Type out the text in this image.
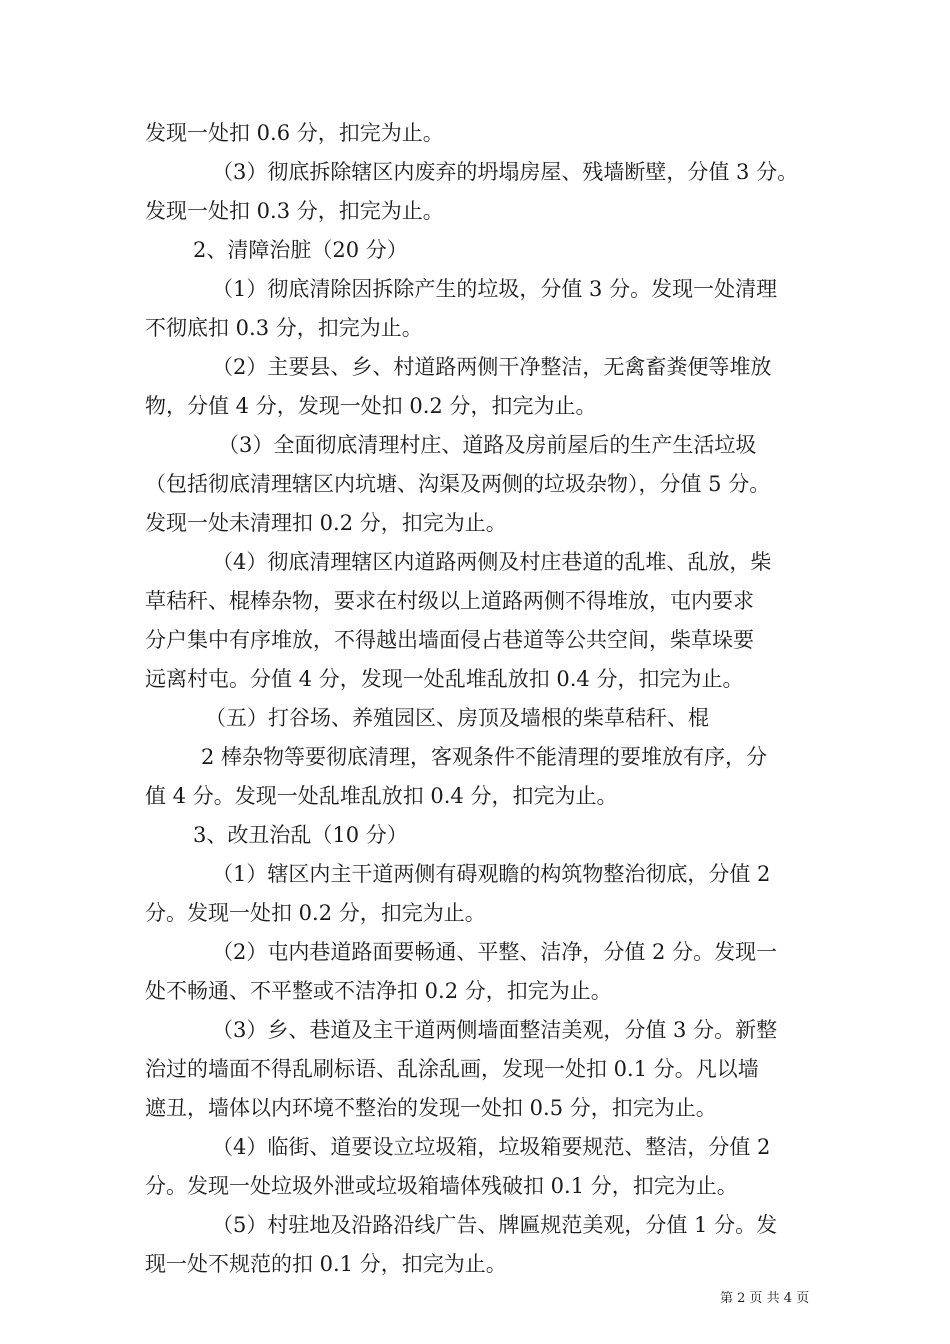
发现一处扣 0.6 分，扣完为止。
（3）彻底拆除辖区内废弃的坍塌房屋、残墙断壁，分值 3 分。
发现一处扣 0.3 分，扣完为止。
2、清障治脏（20 分）
（1）彻底清除因拆除产生的垃圾，分值 3 分。发现一处清理
不彻底扣 0.3 分，扣完为止。
（2）主要县、乡、村道路两侧干净整洁，无禽畜粪便等堆放
物，分值 4 分，发现一处扣 0.2 分，扣完为止。
（3）全面彻底清理村庄、道路及房前屋后的生产生活垃圾
（包括彻底清理辖区内坑塘、沟渠及两侧的垃圾杂物），分值 5 分。
发现一处未清理扣 0.2 分，扣完为止。
（4）彻底清理辖区内道路两侧及村庄巷道的乱堆、乱放，柴
草秸秆、棍棒杂物，要求在村级以上道路两侧不得堆放，屯内要求
分户集中有序堆放，不得越出墙面侵占巷道等公共空间，柴草垛要
远离村屯。分值 4 分，发现一处乱堆乱放扣 0.4 分，扣完为止。
（五）打谷场、养殖园区、房顶及墙根的柴草秸秆、棍
2 棒杂物等要彻底清理，客观条件不能清理的要堆放有序，分
值 4 分。发现一处乱堆乱放扣 0.4 分，扣完为止。
3、改丑治乱（10 分）
（1）辖区内主干道两侧有碍观瞻的构筑物整治彻底，分值 2
分。发现一处扣 0.2 分，扣完为止。
（2）屯内巷道路面要畅通、平整、洁净，分值 2 分。发现一
处不畅通、不平整或不洁净扣 0.2 分，扣完为止。
（3）乡、巷道及主干道两侧墙面整洁美观，分值 3 分。新整
治过的墙面不得乱刷标语、乱涂乱画，发现一处扣 0.1 分。凡以墙
遮丑，墙体以内环境不整治的发现一处扣 0.5 分，扣完为止。
（4）临街、道要设立垃圾箱，垃圾箱要规范、整洁，分值 2
分。发现一处垃圾外泄或垃圾箱墙体残破扣 0.1 分，扣完为止。
（5）村驻地及沿路沿线广告、牌匾规范美观，分值 1 分。发
现一处不规范的扣 0.1 分，扣完为止。
第 2 页 共 4 页
